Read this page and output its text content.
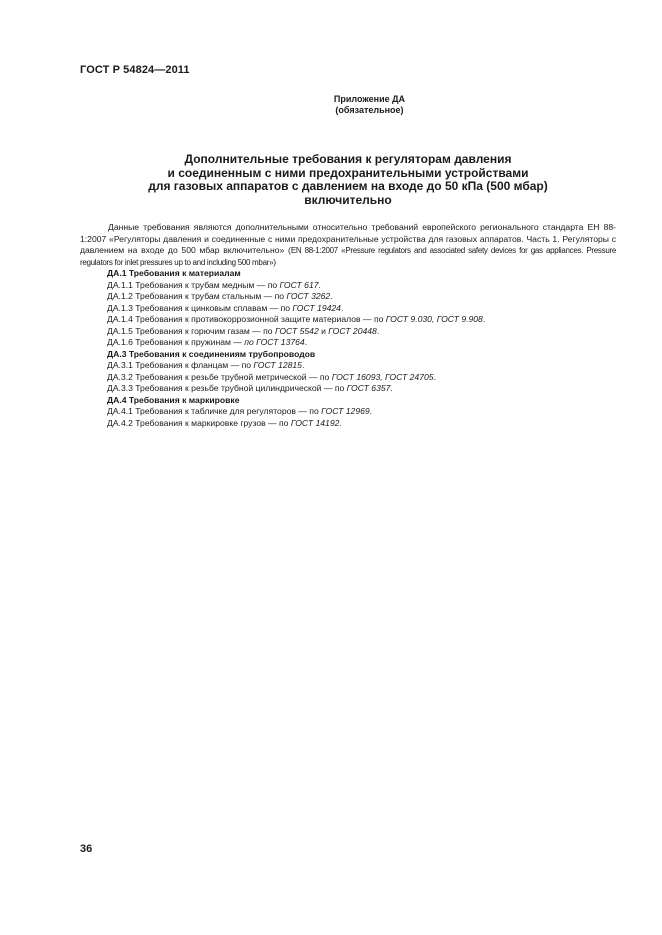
ГОСТ Р 54824—2011
Приложение ДА
(обязательное)
Дополнительные требования к регуляторам давления
и соединенным с ними предохранительными устройствами
для газовых аппаратов с давлением на входе до 50 кПа (500 мбар)
включительно

Данные требования являются дополнительными относительно требований европейского регионального стандарта ЕН 88-1:2007 «Регуляторы давления и соединенные с ними предохранительные устройства для газовых аппаратов. Часть 1. Регуляторы с давлением на входе до 500 мбар включительно» (EN 88-1:2007 «Pressure regulators and associated safety devices for gas appliances. Pressure regulators for inlet pressures up to and including 500 mbar»)

ДА.1 Требования к материалам
ДА.1.1 Требования к трубам медным — по ГОСТ 617.
ДА.1.2 Требования к трубам стальным — по ГОСТ 3262.
ДА.1.3 Требования к цинковым сплавам — по ГОСТ 19424.
ДА.1.4 Требования к противокоррозионной защите материалов — по ГОСТ 9.030, ГОСТ 9.908.
ДА.1.5 Требования к горючим газам — по ГОСТ 5542 и ГОСТ 20448.
ДА.1.6 Требования к пружинам — по ГОСТ 13764.
ДА.3 Требования к соединениям трубопроводов
ДА.3.1 Требования к фланцам — по ГОСТ 12815.
ДА.3.2 Требования к резьбе трубной метрической — по ГОСТ 16093, ГОСТ 24705.
ДА.3.3 Требования к резьбе трубной цилиндрической — по ГОСТ 6357.
ДА.4 Требования к маркировке
ДА.4.1 Требования к табличке для регуляторов — по ГОСТ 12969.
ДА.4.2 Требования к маркировке грузов — по ГОСТ 14192.
36
